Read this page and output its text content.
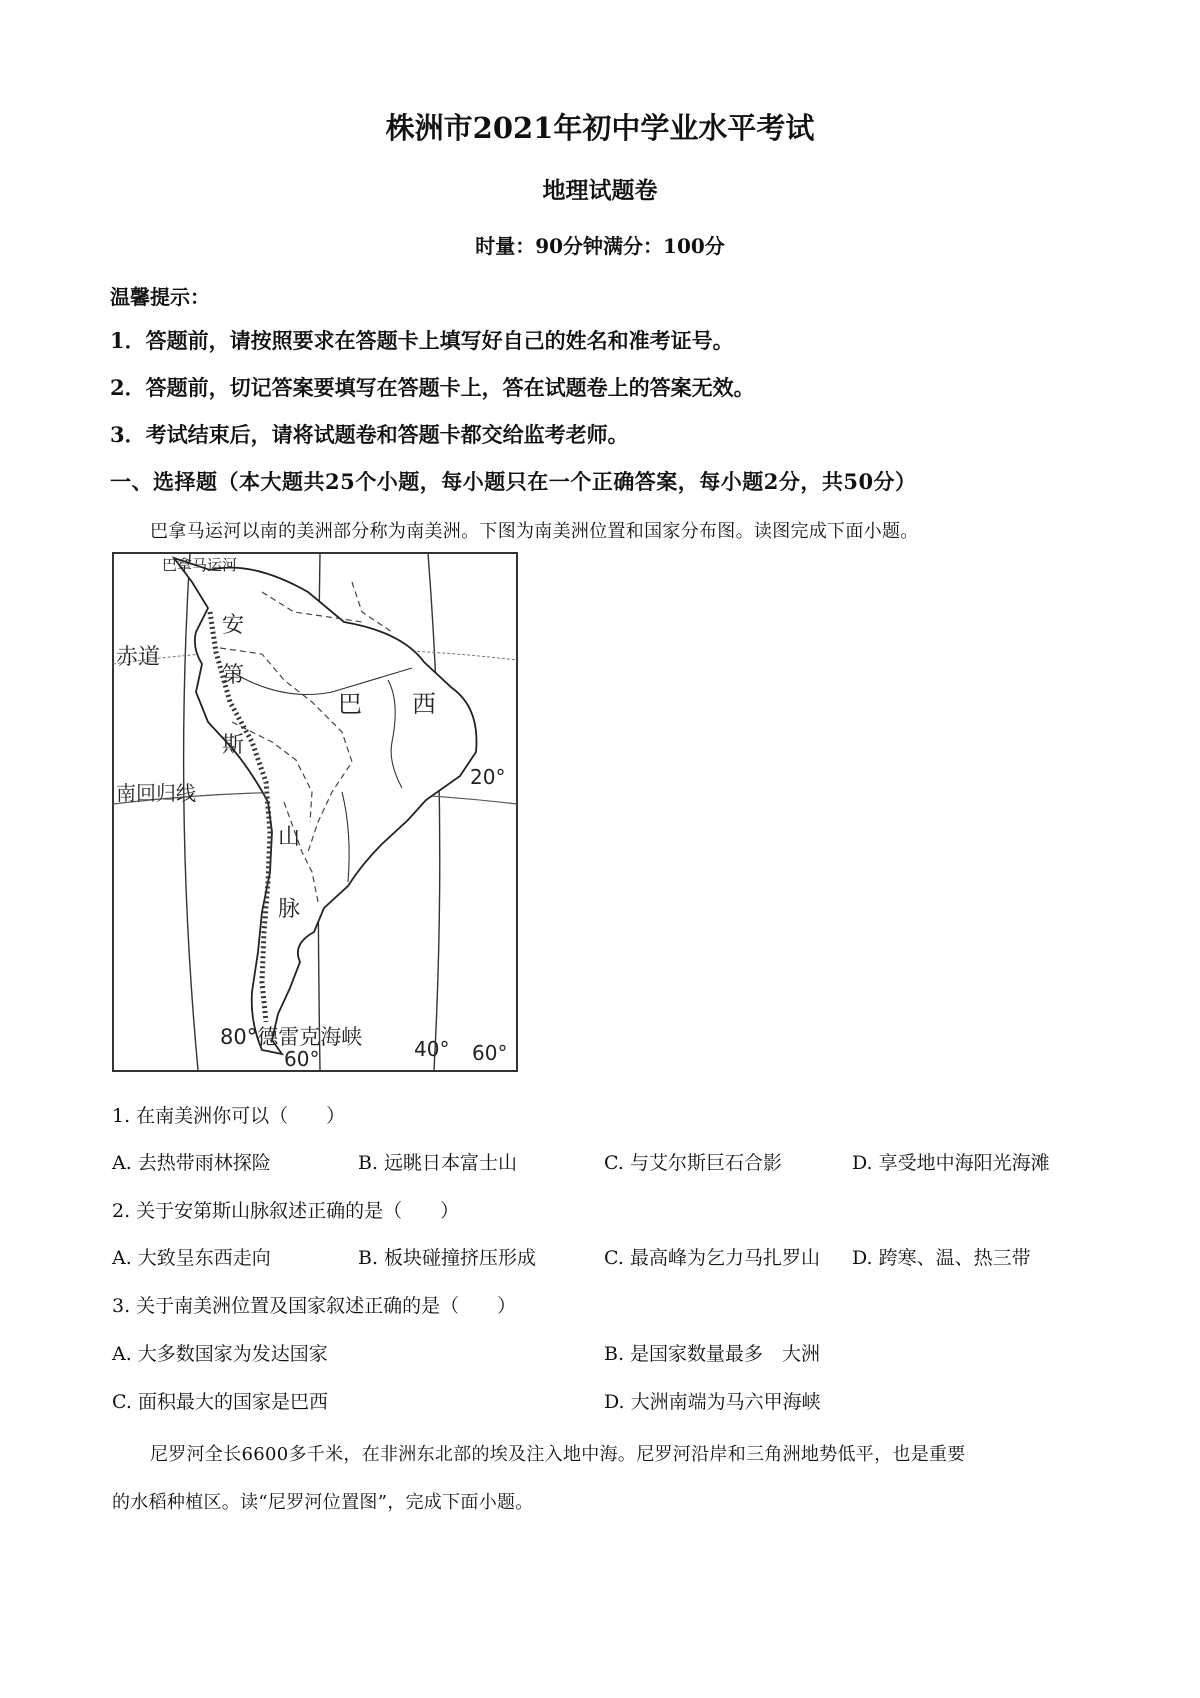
株洲市2021年初中学业水平考试
地理试题卷
时量：90分钟满分：100分
温馨提示：
1．答题前，请按照要求在答题卡上填写好自己的姓名和准考证号。
2．答题前，切记答案要填写在答题卡上，答在试题卷上的答案无效。
3．考试结束后，请将试题卷和答题卡都交给监考老师。
一、选择题（本大题共25个小题，每小题只在一个正确答案，每小题2分，共50分）
巴拿马运河以南的美洲部分称为南美洲。下图为南美洲位置和国家分布图。读图完成下面小题。
巴拿马运河
赤道
南回归线
安
第
斯
山
脉
巴 西
20°
80°德雷克海峡
60°	40° 60°
1. 在南美洲你可以（　　）
A. 去热带雨林探险	B. 远眺日本富士山	C. 与艾尔斯巨石合影	D. 享受地中海阳光海滩
2. 关于安第斯山脉叙述正确的是（　　）
A. 大致呈东西走向	B. 板块碰撞挤压形成	C. 最高峰为乞力马扎罗山 D. 跨寒、温、热三带
3. 关于南美洲位置及国家叙述正确的是（　　）
A. 大多数国家为发达国家	B. 是国家数量最多　大洲
C. 面积最大的国家是巴西	D. 大洲南端为马六甲海峡
尼罗河全长6600多千米，在非洲东北部的埃及注入地中海。尼罗河沿岸和三角洲地势低平，也是重要
的水稻种植区。读“尼罗河位置图”，完成下面小题。
